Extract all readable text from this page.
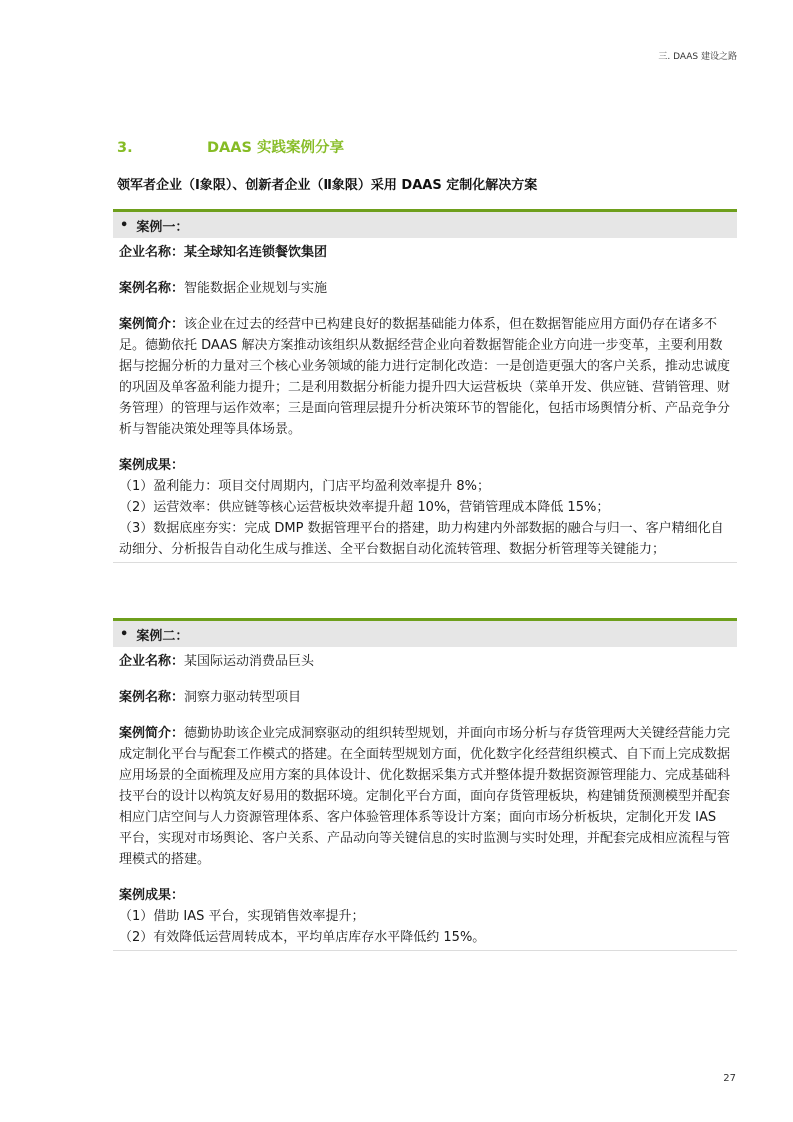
三. DAAS 建设之路
3.	DAAS 实践案例分享
领军者企业（Ⅰ象限）、创新者企业（Ⅱ象限）采用 DAAS 定制化解决方案
• 案例一：
企业名称：某全球知名连锁餐饮集团
案例名称：智能数据企业规划与实施
案例简介：该企业在过去的经营中已构建良好的数据基础能力体系，但在数据智能应用方面仍存在诸多不足。德勤依托 DAAS 解决方案推动该组织从数据经营企业向着数据智能企业方向进一步变革，主要利用数据与挖掘分析的力量对三个核心业务领域的能力进行定制化改造：一是创造更强大的客户关系，推动忠诚度的巩固及单客盈利能力提升；二是利用数据分析能力提升四大运营板块（菜单开发、供应链、营销管理、财务管理）的管理与运作效率；三是面向管理层提升分析决策环节的智能化，包括市场舆情分析、产品竞争分析与智能决策处理等具体场景。
案例成果：
（1）盈利能力：项目交付周期内，门店平均盈利效率提升 8%；
（2）运营效率：供应链等核心运营板块效率提升超 10%，营销管理成本降低 15%；
（3）数据底座夯实：完成 DMP 数据管理平台的搭建，助力构建内外部数据的融合与归一、客户精细化自动细分、分析报告自动化生成与推送、全平台数据自动化流转管理、数据分析管理等关键能力；
• 案例二：
企业名称：某国际运动消费品巨头
案例名称：洞察力驱动转型项目
案例简介：德勤协助该企业完成洞察驱动的组织转型规划，并面向市场分析与存货管理两大关键经营能力完成定制化平台与配套工作模式的搭建。在全面转型规划方面，优化数字化经营组织模式、自下而上完成数据应用场景的全面梳理及应用方案的具体设计、优化数据采集方式并整体提升数据资源管理能力、完成基础科技平台的设计以构筑友好易用的数据环境。定制化平台方面，面向存货管理板块，构建铺货预测模型并配套相应门店空间与人力资源管理体系、客户体验管理体系等设计方案；面向市场分析板块，定制化开发 IAS 平台，实现对市场舆论、客户关系、产品动向等关键信息的实时监测与实时处理，并配套完成相应流程与管理模式的搭建。
案例成果：
（1）借助 IAS 平台，实现销售效率提升；
（2）有效降低运营周转成本，平均单店库存水平降低约 15%。
27
